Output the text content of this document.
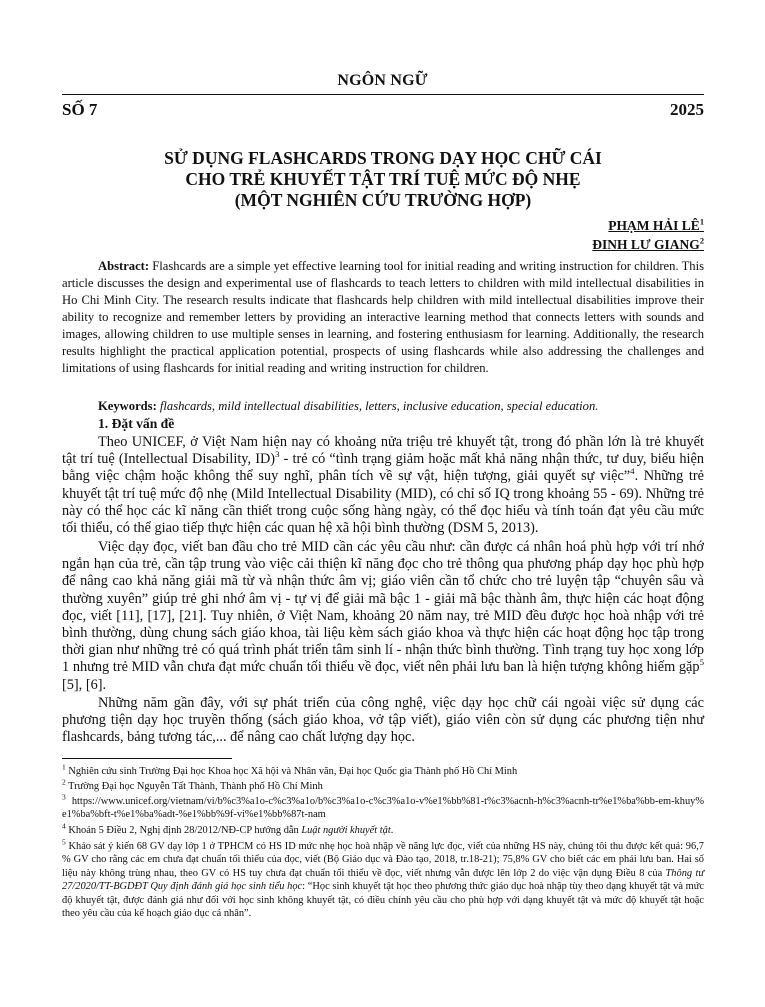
NGÔN NGỮ
SỐ 7	2025
SỬ DỤNG FLASHCARDS TRONG DẠY HỌC CHỮ CÁI
CHO TRẺ KHUYẾT TẬT TRÍ TUỆ MỨC ĐỘ NHẸ
(MỘT NGHIÊN CỨU TRƯỜNG HỢP)
PHẠM HẢI $LÊ^1$
ĐINH LƯ GIANG$^2$

Abstract: Flashcards are a simple yet effective learning tool for initial reading and writing instruction for children. This article discusses the design and experimental use of flashcards to teach letters to children with mild intellectual disabilities in Ho Chi Minh City. The research results indicate that flashcards help children with mild intellectual disabilities improve their ability to recognize and remember letters by providing an interactive learning method that connects letters with sounds and images, allowing children to use multiple senses in learning, and fostering enthusiasm for learning. Additionally, the research results highlight the practical application potential, prospects of using flashcards while also addressing the challenges and limitations of using flashcards for initial reading and writing instruction for children.

Keywords: flashcards, mild intellectual disabilities, letters, inclusive education, special education.

1. Đặt vấn đề

Theo UNICEF, ở Việt Nam hiện nay có khoảng nửa triệu trẻ khuyết tật, trong đó phần lớn là trẻ khuyết tật trí tuệ (Intellectual Disability, ID)$^3$ - trẻ có “tình trạng giảm hoặc mất khả năng nhận thức, tư duy, biểu hiện bằng việc chậm hoặc không thể suy nghĩ, phân tích về sự vật, hiện tượng, giải quyết sự việc”$^4$. Những trẻ khuyết tật trí tuệ mức độ nhẹ (Mild Intellectual Disability (MID), có chỉ số IQ trong khoảng 55 - 69). Những trẻ này có thể học các kĩ năng cần thiết trong cuộc sống hàng ngày, có thể đọc hiểu và tính toán đạt yêu cầu mức tối thiểu, có thể giao tiếp thực hiện các quan hệ xã hội bình thường (DSM 5, 2013).

Việc dạy đọc, viết ban đầu cho trẻ MID cần các yêu cầu như: cần được cá nhân hoá phù hợp với trí nhớ ngắn hạn của trẻ, cần tập trung vào việc cải thiện kĩ năng đọc cho trẻ thông qua phương pháp dạy học phù hợp để nâng cao khả năng giải mã từ và nhận thức âm vị; giáo viên cần tổ chức cho trẻ luyện tập “chuyên sâu và thường xuyên” giúp trẻ ghi nhớ âm vị - tự vị để giải mã bậc 1 - giải mã bậc thành âm, thực hiện các hoạt động đọc, viết [11], [17], [21]. Tuy nhiên, ở Việt Nam, khoảng 20 năm nay, trẻ MID đều được học hoà nhập với trẻ bình thường, dùng chung sách giáo khoa, tài liệu kèm sách giáo khoa và thực hiện các hoạt động học tập trong thời gian như những trẻ có quá trình phát triển tâm sinh lí - nhận thức bình thường. Tình trạng tuy học xong lớp 1 nhưng trẻ MID vẫn chưa đạt mức chuẩn tối thiểu về đọc, viết nên phải lưu ban là hiện tượng không hiếm gặp$^5$ [5], [6].

Những năm gần đây, với sự phát triển của công nghệ, việc dạy học chữ cái ngoài việc sử dụng các phương tiện dạy học truyền thống (sách giáo khoa, vở tập viết), giáo viên còn sử dụng các phương tiện như flashcards, bảng tương tác,... để nâng cao chất lượng dạy học.

$^1$ Nghiên cứu sinh Trường Đại học Khoa học Xã hội và Nhân văn, Đại học Quốc gia Thành phố Hồ Chí Minh

$^2$ Trường Đại học Nguyễn Tất Thành, Thành phố Hồ Chí Minh

$^3$ https://www.unicef.org/vietnam/vi/b%c3%a1o-c%c3%a1o/b%c3%a1o-c%c3%a1o-v%e1%bb%81-t%c3%acnh-h%c3%acnh-tr%e1%ba%bb-em-khuy%e1%ba%bft-t%e1%ba%adt-%e1%bb%9f-vi%e1%bb%87t-nam

$^4$ Khoản 5 Điều 2, Nghị định 28/2012/NĐ-CP hướng dẫn Luật người khuyết tật.

$^5$ Khảo sát ý kiến 68 GV dạy lớp 1 ở TPHCM có HS ID mức nhẹ học hoà nhập về năng lực đọc, viết của những HS này, chúng tôi thu được kết quả: 96,7 % GV cho rằng các em chưa đạt chuẩn tối thiểu của đọc, viết (Bộ Giáo dục và Đào tạo, 2018, tr.18-21); 75,8% GV cho biết các em phải lưu ban. Hai số liệu này không trùng nhau, theo GV có HS tuy chưa đạt chuẩn tối thiểu về đọc, viết nhưng vẫn được lên lớp 2 do việc vận dụng Điều 8 của Thông tư 27/2020/TT-BGDĐT Quy định đánh giá học sinh tiểu học: “Học sinh khuyết tật học theo phương thức giáo dục hoà nhập tùy theo dạng khuyết tật và mức độ khuyết tật, được đánh giá như đối với học sinh không khuyết tật, có điều chỉnh yêu cầu cho phù hợp với dạng khuyết tật và mức độ khuyết tật hoặc theo yêu cầu của kế hoạch giáo dục cá nhân”.
